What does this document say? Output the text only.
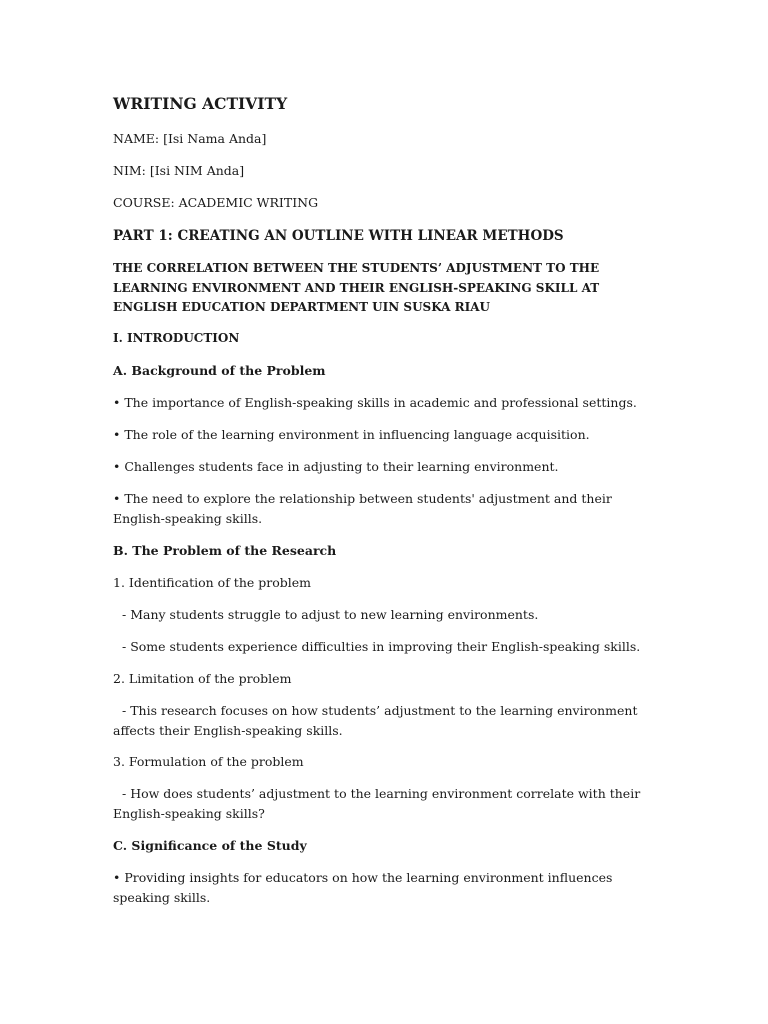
WRITING ACTIVITY
NAME: [Isi Nama Anda]
NIM: [Isi NIM Anda]
COURSE: ACADEMIC WRITING
PART 1: CREATING AN OUTLINE WITH LINEAR METHODS
THE CORRELATION BETWEEN THE STUDENTS’ ADJUSTMENT TO THE LEARNING ENVIRONMENT AND THEIR ENGLISH-SPEAKING SKILL AT ENGLISH EDUCATION DEPARTMENT UIN SUSKA RIAU
I. INTRODUCTION
A. Background of the Problem
• The importance of English-speaking skills in academic and professional settings.
• The role of the learning environment in influencing language acquisition.
• Challenges students face in adjusting to their learning environment.
• The need to explore the relationship between students' adjustment and their English-speaking skills.
B. The Problem of the Research
1. Identification of the problem
- Many students struggle to adjust to new learning environments.
- Some students experience difficulties in improving their English-speaking skills.
2. Limitation of the problem
- This research focuses on how students’ adjustment to the learning environment affects their English-speaking skills.
3. Formulation of the problem
- How does students’ adjustment to the learning environment correlate with their English-speaking skills?
C. Significance of the Study
• Providing insights for educators on how the learning environment influences speaking skills.
